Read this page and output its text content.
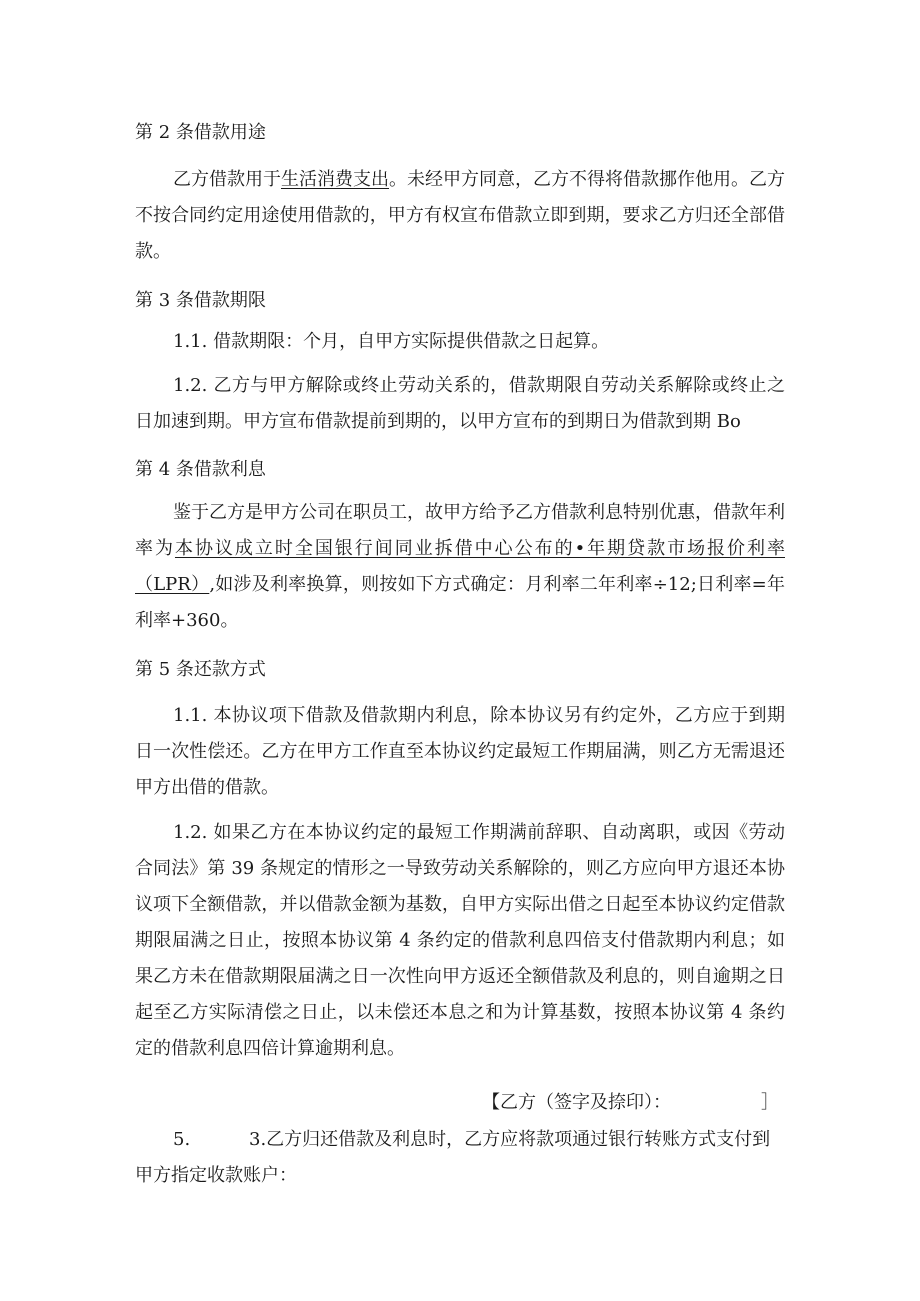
第 2 条借款用途

乙方借款用于生活消费支出。未经甲方同意，乙方不得将借款挪作他用。乙方不按合同约定用途使用借款的，甲方有权宣布借款立即到期，要求乙方归还全部借款。

第 3 条借款期限

1.1. 借款期限：个月，自甲方实际提供借款之日起算。

1.2. 乙方与甲方解除或终止劳动关系的，借款期限自劳动关系解除或终止之日加速到期。甲方宣布借款提前到期的，以甲方宣布的到期日为借款到期 Bo

第 4 条借款利息

鉴于乙方是甲方公司在职员工，故甲方给予乙方借款利息特别优惠，借款年利率为本协议成立时全国银行间同业拆借中心公布的•年期贷款市场报价利率（LPR）,如涉及利率换算，则按如下方式确定：月利率二年利率÷12;日利率=年利率+360。

第 5 条还款方式

1.1. 本协议项下借款及借款期内利息，除本协议另有约定外，乙方应于到期日一次性偿还。乙方在甲方工作直至本协议约定最短工作期届满，则乙方无需退还甲方出借的借款。

1.2. 如果乙方在本协议约定的最短工作期满前辞职、自动离职，或因《劳动合同法》第 39 条规定的情形之一导致劳动关系解除的，则乙方应向甲方退还本协议项下全额借款，并以借款金额为基数，自甲方实际出借之日起至本协议约定借款期限届满之日止，按照本协议第 4 条约定的借款利息四倍支付借款期内利息；如果乙方未在借款期限届满之日一次性向甲方返还全额借款及利息的，则自逾期之日起至乙方实际清偿之日止，以未偿还本息之和为计算基数，按照本协议第 4 条约定的借款利息四倍计算逾期利息。

【乙方（签字及捺印）：	］

5.	3.乙方归还借款及利息时，乙方应将款项通过银行转账方式支付到甲方指定收款账户：
